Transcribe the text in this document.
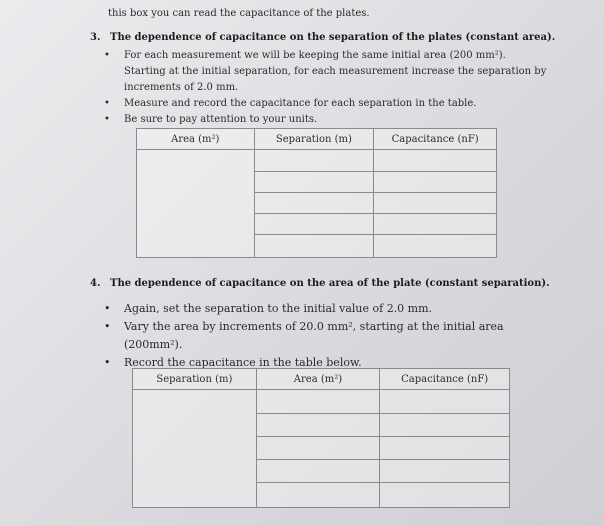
this box you can read the capacitance of the plates.
3. The dependence of capacitance on the separation of the plates (constant area).
• For each measurement we will be keeping the same initial area (200 mm²). Starting at the initial separation, for each measurement increase the separation by increments of 2.0 mm.
• Measure and record the capacitance for each separation in the table.
• Be sure to pay attention to your units.
Area (m²)	Separation (m)	Capacitance (nF)

4. The dependence of capacitance on the area of the plate (constant separation).
• Again, set the separation to the initial value of 2.0 mm.
• Vary the area by increments of 20.0 mm², starting at the initial area (200mm²).
• Record the capacitance in the table below.
Separation (m)	Area (m²)	Capacitance (nF)
